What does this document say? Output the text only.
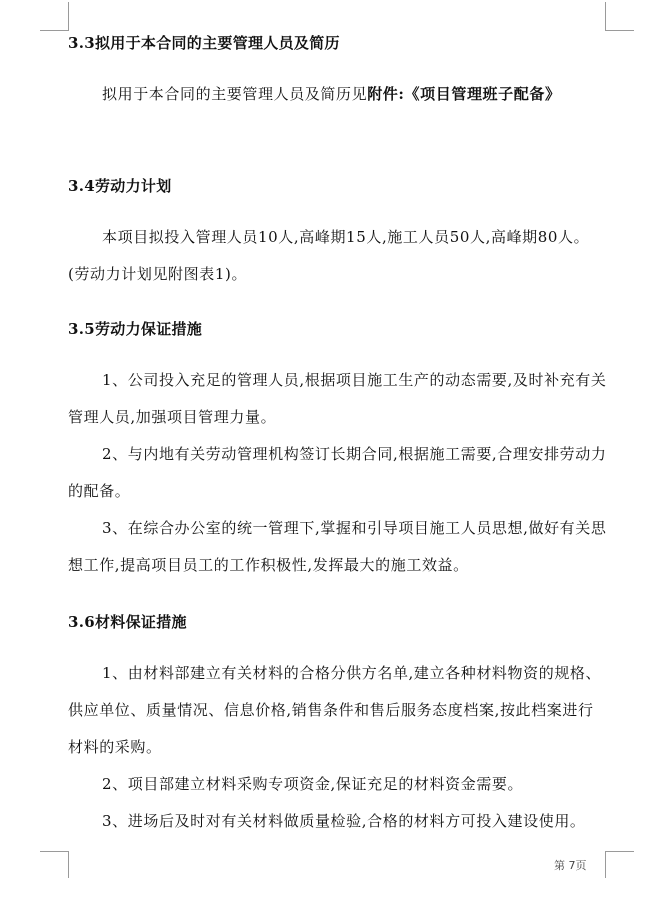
3.3拟用于本合同的主要管理人员及简历

拟用于本合同的主要管理人员及简历见附件:《项目管理班子配备》

3.4劳动力计划

本项目拟投入管理人员10人,高峰期15人,施工人员50人,高峰期80人。(劳动力计划见附图表1)。

3.5劳动力保证措施

1、公司投入充足的管理人员,根据项目施工生产的动态需要,及时补充有关管理人员,加强项目管理力量。

2、与内地有关劳动管理机构签订长期合同,根据施工需要,合理安排劳动力的配备。

3、在综合办公室的统一管理下,掌握和引导项目施工人员思想,做好有关思想工作,提高项目员工的工作积极性,发挥最大的施工效益。

3.6材料保证措施

1、由材料部建立有关材料的合格分供方名单,建立各种材料物资的规格、供应单位、质量情况、信息价格,销售条件和售后服务态度档案,按此档案进行材料的采购。

2、项目部建立材料采购专项资金,保证充足的材料资金需要。

3、进场后及时对有关材料做质量检验,合格的材料方可投入建设使用。

第 7页
